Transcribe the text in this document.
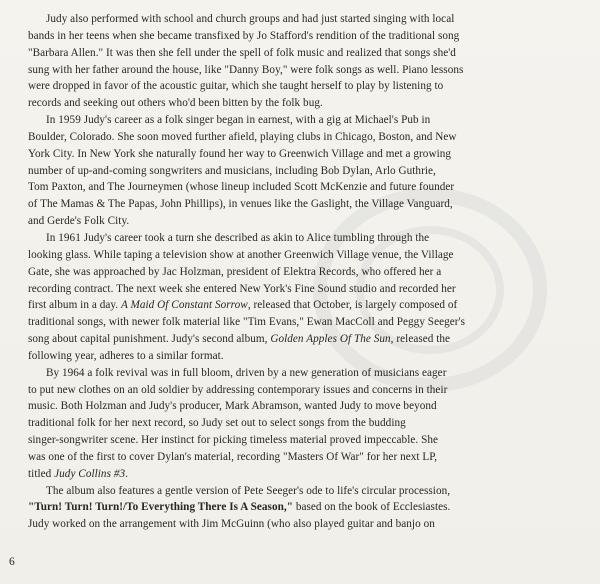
Judy also performed with school and church groups and had just started singing with local
bands in her teens when she became transfixed by Jo Stafford's rendition of the traditional song
"Barbara Allen." It was then she fell under the spell of folk music and realized that songs she'd
sung with her father around the house, like "Danny Boy," were folk songs as well. Piano lessons
were dropped in favor of the acoustic guitar, which she taught herself to play by listening to
records and seeking out others who'd been bitten by the folk bug.

In 1959 Judy's career as a folk singer began in earnest, with a gig at Michael's Pub in
Boulder, Colorado. She soon moved further afield, playing clubs in Chicago, Boston, and New
York City. In New York she naturally found her way to Greenwich Village and met a growing
number of up-and-coming songwriters and musicians, including Bob Dylan, Arlo Guthrie,
Tom Paxton, and The Journeymen (whose lineup included Scott McKenzie and future founder
of The Mamas & The Papas, John Phillips), in venues like the Gaslight, the Village Vanguard,
and Gerde's Folk City.

In 1961 Judy's career took a turn she described as akin to Alice tumbling through the
looking glass. While taping a television show at another Greenwich Village venue, the Village
Gate, she was approached by Jac Holzman, president of Elektra Records, who offered her a
recording contract. The next week she entered New York's Fine Sound studio and recorded her
first album in a day. A Maid Of Constant Sorrow, released that October, is largely composed of
traditional songs, with newer folk material like "Tim Evans," Ewan MacColl and Peggy Seeger's
song about capital punishment. Judy's second album, Golden Apples Of The Sun, released the
following year, adheres to a similar format.

By 1964 a folk revival was in full bloom, driven by a new generation of musicians eager
to put new clothes on an old soldier by addressing contemporary issues and concerns in their
music. Both Holzman and Judy's producer, Mark Abramson, wanted Judy to move beyond
traditional folk for her next record, so Judy set out to select songs from the budding
singer-songwriter scene. Her instinct for picking timeless material proved impeccable. She
was one of the first to cover Dylan's material, recording "Masters Of War" for her next LP,
titled Judy Collins #3.

The album also features a gentle version of Pete Seeger's ode to life's circular procession,
"Turn! Turn! Turn!/To Everything There Is A Season," based on the book of Ecclesiastes.
Judy worked on the arrangement with Jim McGuinn (who also played guitar and banjo on

6
